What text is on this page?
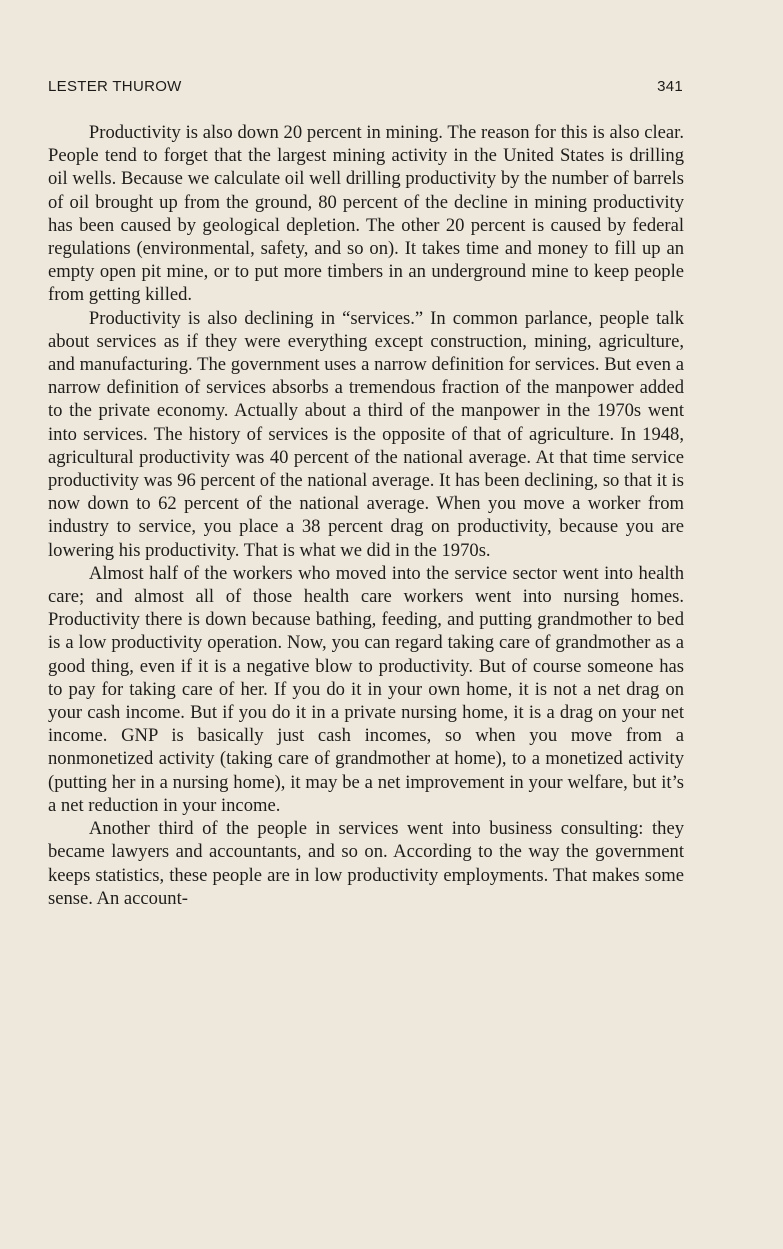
LESTER THUROW	341

Productivity is also down 20 percent in mining. The reason for this is also clear. People tend to forget that the largest mining activity in the United States is drilling oil wells. Because we calculate oil well drilling productivity by the number of barrels of oil brought up from the ground, 80 percent of the decline in mining productivity has been caused by geological depletion. The other 20 percent is caused by federal regulations (environmental, safety, and so on). It takes time and money to fill up an empty open pit mine, or to put more timbers in an underground mine to keep people from getting killed.

Productivity is also declining in “services.” In common parlance, people talk about services as if they were everything except construction, mining, agriculture, and manufacturing. The government uses a narrow definition for services. But even a narrow definition of services absorbs a tremendous fraction of the manpower added to the private economy. Actually about a third of the manpower in the 1970s went into services. The history of services is the opposite of that of agriculture. In 1948, agricultural productivity was 40 percent of the national average. At that time service productivity was 96 percent of the national average. It has been declining, so that it is now down to 62 percent of the national average. When you move a worker from industry to service, you place a 38 percent drag on productivity, because you are lowering his productivity. That is what we did in the 1970s.

Almost half of the workers who moved into the service sector went into health care; and almost all of those health care workers went into nursing homes. Productivity there is down because bathing, feeding, and putting grandmother to bed is a low productivity operation. Now, you can regard taking care of grandmother as a good thing, even if it is a negative blow to productivity. But of course someone has to pay for taking care of her. If you do it in your own home, it is not a net drag on your cash income. But if you do it in a private nursing home, it is a drag on your net income. GNP is basically just cash incomes, so when you move from a nonmonetized activity (taking care of grandmother at home), to a monetized activity (putting her in a nursing home), it may be a net improvement in your welfare, but it’s a net reduction in your income.

Another third of the people in services went into business consulting: they became lawyers and accountants, and so on. According to the way the government keeps statistics, these people are in low productivity employments. That makes some sense. An account-
